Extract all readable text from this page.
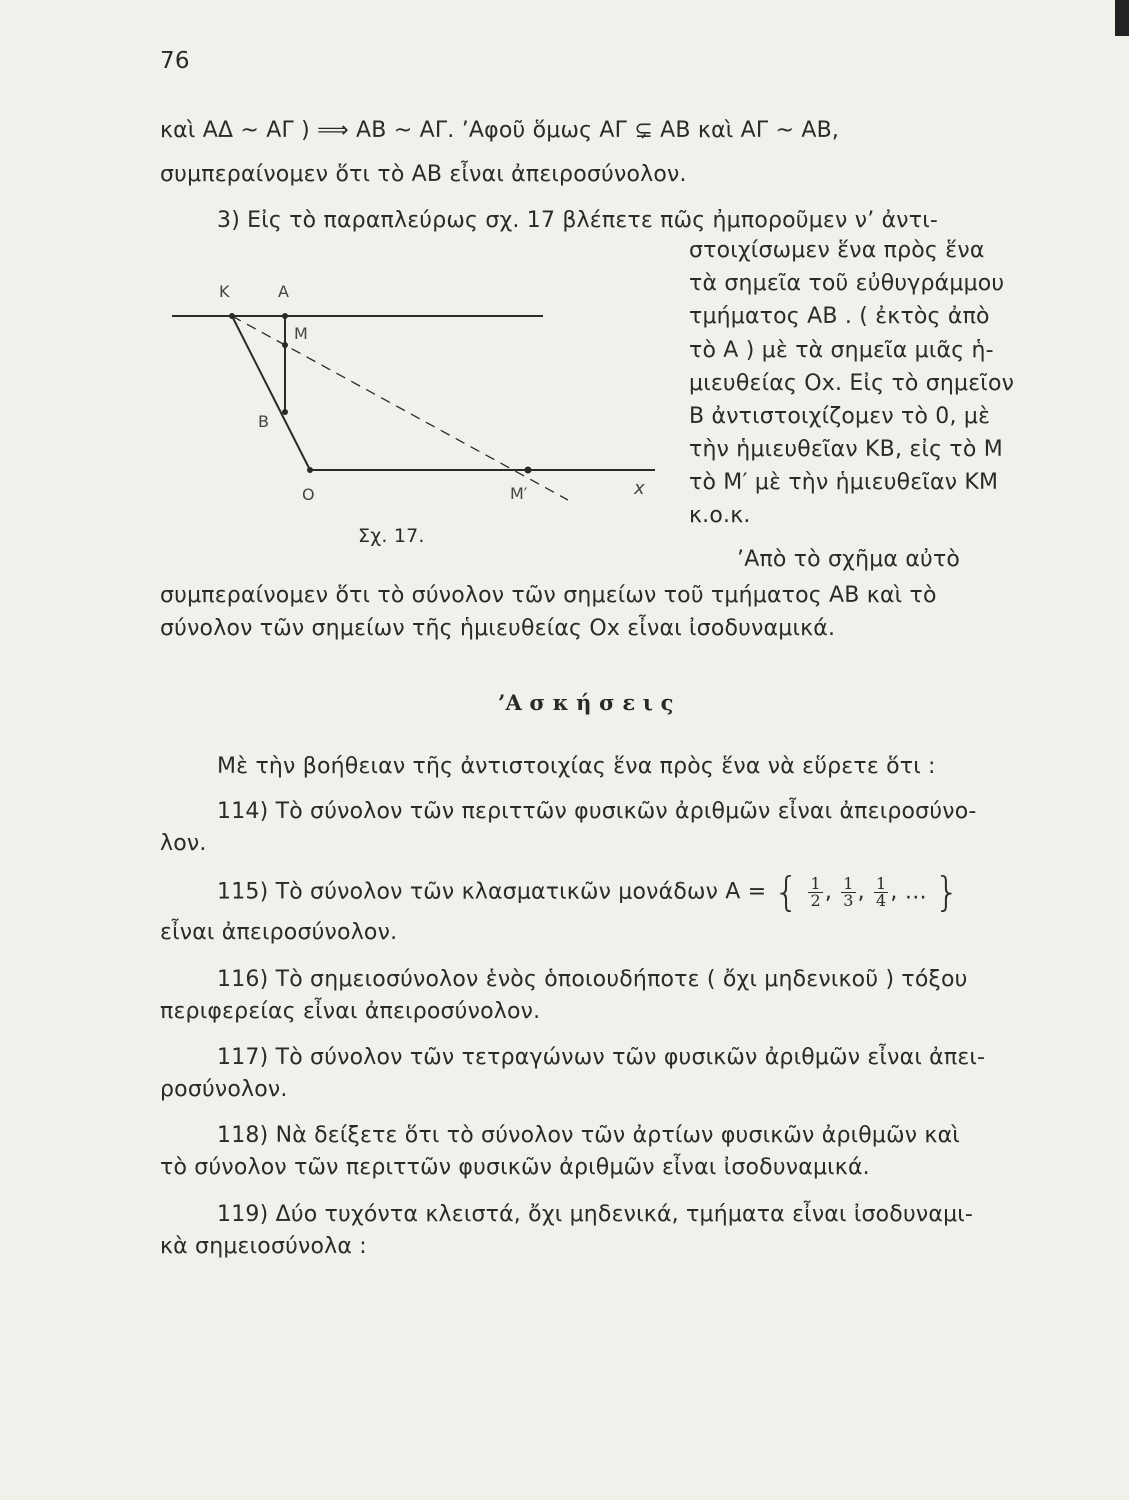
76
καὶ ΑΔ ~ ΑΓ ) ⟹ ΑΒ ~ ΑΓ. ’Αφοῦ ὅμως ΑΓ ⊊ ΑΒ καὶ ΑΓ ~ ΑΒ,
συμπεραίνομεν ὅτι τὸ ΑΒ εἶναι ἀπειροσύνολον.
3) Εἰς τὸ παραπλεύρως σχ. 17 βλέπετε πῶς ἠμποροῦμεν ν’ ἀντι-
στοιχίσωμεν ἕνα πρὸς ἕνα
τὰ σημεῖα τοῦ εὐθυγράμμου
τμήματος ΑΒ . ( ἐκτὸς ἀπὸ
τὸ Α ) μὲ τὰ σημεῖα μιᾶς ἡ-
μιευθείας Οx. Εἰς τὸ σημεῖον
Β ἀντιστοιχίζομεν τὸ 0, μὲ
τὴν ἡμιευθεῖαν ΚΒ, εἰς τὸ Μ
τὸ Μ′ μὲ τὴν ἡμιευθεῖαν ΚΜ
κ.ο.κ.
Κ	Α
Μ
Β
Ο	Μ′	x
Σχ. 17.
’Απὸ τὸ σχῆμα αὐτὸ
συμπεραίνομεν ὅτι τὸ σύνολον τῶν σημείων τοῦ τμήματος ΑΒ καὶ τὸ
σύνολον τῶν σημείων τῆς ἡμιευθείας Οx εἶναι ἰσοδυναμικά.
’Α σ κ ή σ ε ι ς
Μὲ τὴν βοήθειαν τῆς ἀντιστοιχίας ἕνα πρὸς ἕνα νὰ εὕρετε ὅτι :
114) Τὸ σύνολον τῶν περιττῶν φυσικῶν ἀριθμῶν εἶναι ἀπειροσύνο-
λον.
115) Τὸ σύνολον τῶν κλασματικῶν μονάδων Α = { $\frac{1}{2}$ , $\frac{1}{3}$ , $\frac{1}{4}$ , … }
εἶναι ἀπειροσύνολον.
116) Τὸ σημειοσύνολον ἑνὸς ὁποιουδήποτε ( ὄχι μηδενικοῦ ) τόξου
περιφερείας εἶναι ἀπειροσύνολον.
117) Τὸ σύνολον τῶν τετραγώνων τῶν φυσικῶν ἀριθμῶν εἶναι ἀπει-
ροσύνολον.
118) Νὰ δείξετε ὅτι τὸ σύνολον τῶν ἀρτίων φυσικῶν ἀριθμῶν καὶ
τὸ σύνολον τῶν περιττῶν φυσικῶν ἀριθμῶν εἶναι ἰσοδυναμικά.
119) Δύο τυχόντα κλειστά, ὄχι μηδενικά, τμήματα εἶναι ἰσοδυναμι-
κὰ σημειοσύνολα :
